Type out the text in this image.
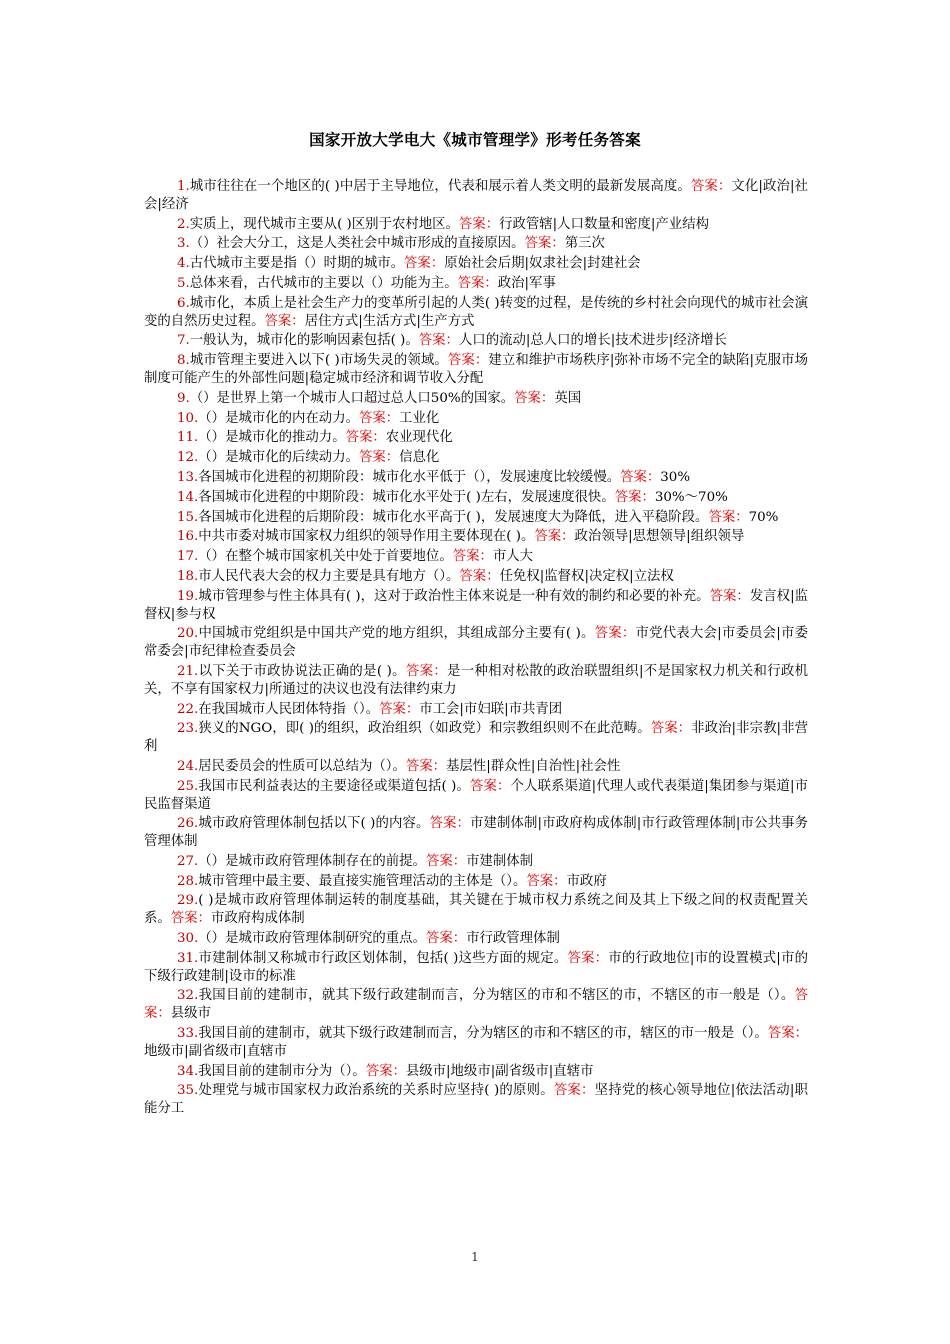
国家开放大学电大《城市管理学》形考任务答案
1.城市往往在一个地区的( )中居于主导地位，代表和展示着人类文明的最新发展高度。答案：文化|政治|社会|经济
2.实质上，现代城市主要从( )区别于农村地区。答案：行政管辖|人口数量和密度|产业结构
3.（）社会大分工，这是人类社会中城市形成的直接原因。答案：第三次
4.古代城市主要是指（）时期的城市。答案：原始社会后期|奴隶社会|封建社会
5.总体来看，古代城市的主要以（）功能为主。答案：政治|军事
6.城市化，本质上是社会生产力的变革所引起的人类( )转变的过程，是传统的乡村社会向现代的城市社会演变的自然历史过程。答案：居住方式|生活方式|生产方式
7.一般认为，城市化的影响因素包括( )。答案：人口的流动|总人口的增长|技术进步|经济增长
8.城市管理主要进入以下( )市场失灵的领域。答案：建立和维护市场秩序|弥补市场不完全的缺陷|克服市场制度可能产生的外部性问题|稳定城市经济和调节收入分配
9.（）是世界上第一个城市人口超过总人口50%的国家。答案：英国
10.（）是城市化的内在动力。答案：工业化
11.（）是城市化的推动力。答案：农业现代化
12.（）是城市化的后续动力。答案：信息化
13.各国城市化进程的初期阶段：城市化水平低于（），发展速度比较缓慢。答案：30%
14.各国城市化进程的中期阶段：城市化水平处于( )左右，发展速度很快。答案：30%～70%
15.各国城市化进程的后期阶段：城市化水平高于( )，发展速度大为降低，进入平稳阶段。答案：70%
16.中共市委对城市国家权力组织的领导作用主要体现在( )。答案：政治领导|思想领导|组织领导
17.（）在整个城市国家机关中处于首要地位。答案：市人大
18.市人民代表大会的权力主要是具有地方（）。答案：任免权|监督权|决定权|立法权
19.城市管理参与性主体具有( )，这对于政治性主体来说是一种有效的制约和必要的补充。答案：发言权|监督权|参与权
20.中国城市党组织是中国共产党的地方组织，其组成部分主要有( )。答案：市党代表大会|市委员会|市委常委会|市纪律检查委员会
21.以下关于市政协说法正确的是( )。答案：是一种相对松散的政治联盟组织|不是国家权力机关和行政机关，不享有国家权力|所通过的决议也没有法律约束力
22.在我国城市人民团体特指（）。答案：市工会|市妇联|市共青团
23.狭义的NGO，即( )的组织，政治组织（如政党）和宗教组织则不在此范畴。答案：非政治|非宗教|非营利
24.居民委员会的性质可以总结为（）。答案：基层性|群众性|自治性|社会性
25.我国市民利益表达的主要途径或渠道包括( )。答案：个人联系渠道|代理人或代表渠道|集团参与渠道|市民监督渠道
26.城市政府管理体制包括以下( )的内容。答案：市建制体制|市政府构成体制|市行政管理体制|市公共事务管理体制
27.（）是城市政府管理体制存在的前提。答案：市建制体制
28.城市管理中最主要、最直接实施管理活动的主体是（）。答案：市政府
29.( )是城市政府管理体制运转的制度基础，其关键在于城市权力系统之间及其上下级之间的权责配置关系。答案：市政府构成体制
30.（）是城市政府管理体制研究的重点。答案：市行政管理体制
31.市建制体制又称城市行政区划体制，包括( )这些方面的规定。答案：市的行政地位|市的设置模式|市的下级行政建制|设市的标准
32.我国目前的建制市，就其下级行政建制而言，分为辖区的市和不辖区的市，不辖区的市一般是（）。答案：县级市
33.我国目前的建制市，就其下级行政建制而言，分为辖区的市和不辖区的市，辖区的市一般是（）。答案：地级市|副省级市|直辖市
34.我国目前的建制市分为（）。答案：县级市|地级市|副省级市|直辖市
35.处理党与城市国家权力政治系统的关系时应坚持( )的原则。答案：坚持党的核心领导地位|依法活动|职能分工
1
